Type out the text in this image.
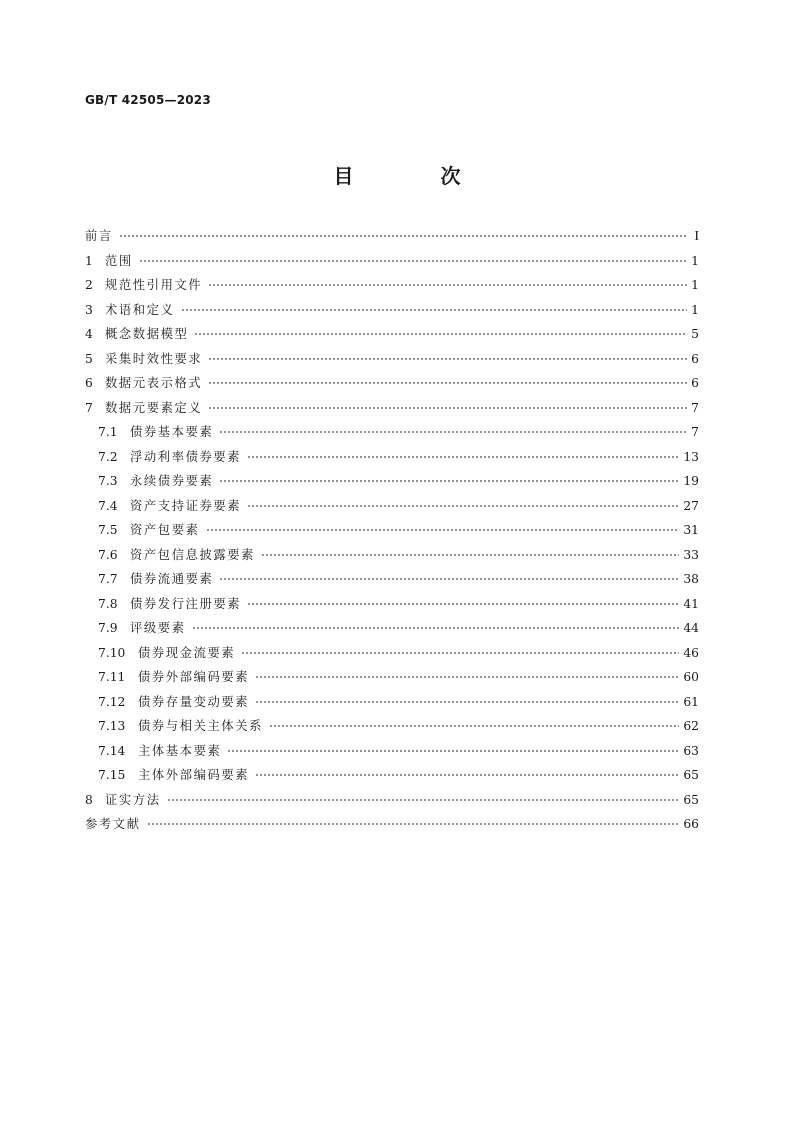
GB/T 42505—2023
目 次
前言	I
1 范围	1
2 规范性引用文件	1
3 术语和定义	1
4 概念数据模型	5
5 采集时效性要求	6
6 数据元表示格式	6
7 数据元要素定义	7
7.1	债券基本要素	7
7.2	浮动利率债券要素	13
7.3	永续债券要素	19
7.4	资产支持证券要素	27
7.5	资产包要素	31
7.6	资产包信息披露要素	33
7.7	债券流通要素	38
7.8	债券发行注册要素	41
7.9	评级要素	44
7.10	债券现金流要素	46
7.11	债券外部编码要素	60
7.12	债券存量变动要素	61
7.13	债券与相关主体关系	62
7.14	主体基本要素	63
7.15	主体外部编码要素	65
8 证实方法	65
参考文献	66
